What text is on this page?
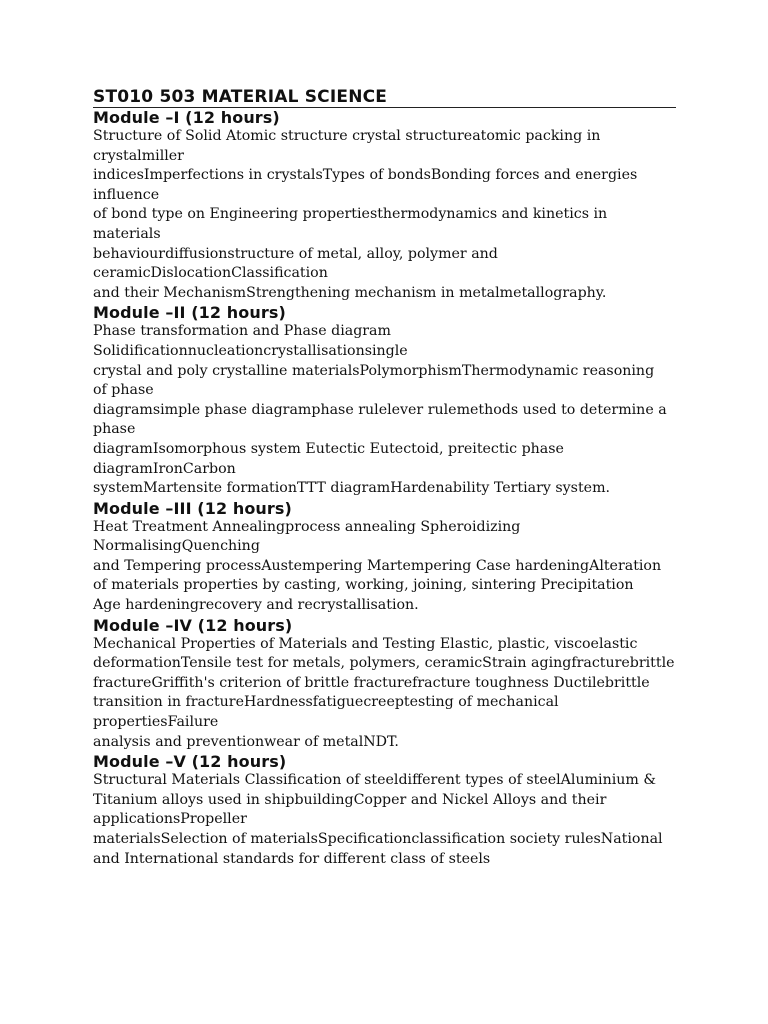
ST010 503 MATERIAL SCIENCE
Module –I (12 hours)

Structure of Solid Atomic structure crystal structureatomic packing in

crystalmiller

indicesImperfections in crystalsTypes of bondsBonding forces and energies

influence

of bond type on Engineering propertiesthermodynamics and kinetics in

materials

behaviourdiffusionstructure of metal, alloy, polymer and

ceramicDislocationClassification

and their MechanismStrengthening mechanism in metalmetallography.

Module –II (12 hours)

Phase transformation and Phase diagram

Solidificationnucleationcrystallisationsingle

crystal and poly crystalline materialsPolymorphismThermodynamic reasoning

of phase

diagramsimple phase diagramphase rulelever rulemethods used to determine a

phase

diagramIsomorphous system Eutectic Eutectoid, preitectic phase

diagramIronCarbon

systemMartensite formationTTT diagramHardenability Tertiary system.

Module –III (12 hours)

Heat Treatment Annealingprocess annealing Spheroidizing

NormalisingQuenching

and Tempering processAustempering Martempering Case hardeningAlteration

of materials properties by casting, working, joining, sintering Precipitation

Age hardeningrecovery and recrystallisation.

Module –IV (12 hours)

Mechanical Properties of Materials and Testing Elastic, plastic, viscoelastic

deformationTensile test for metals, polymers, ceramicStrain agingfracturebrittle

fractureGriffith's criterion of brittle fracturefracture toughness Ductilebrittle

transition in fractureHardnessfatiguecreeptesting of mechanical

propertiesFailure

analysis and preventionwear of metalNDT.

Module –V (12 hours)

Structural Materials Classification of steeldifferent types of steelAluminium &

Titanium alloys used in shipbuildingCopper and Nickel Alloys and their

applicationsPropeller

materialsSelection of materialsSpecificationclassification society rulesNational

and International standards for different class of steels
